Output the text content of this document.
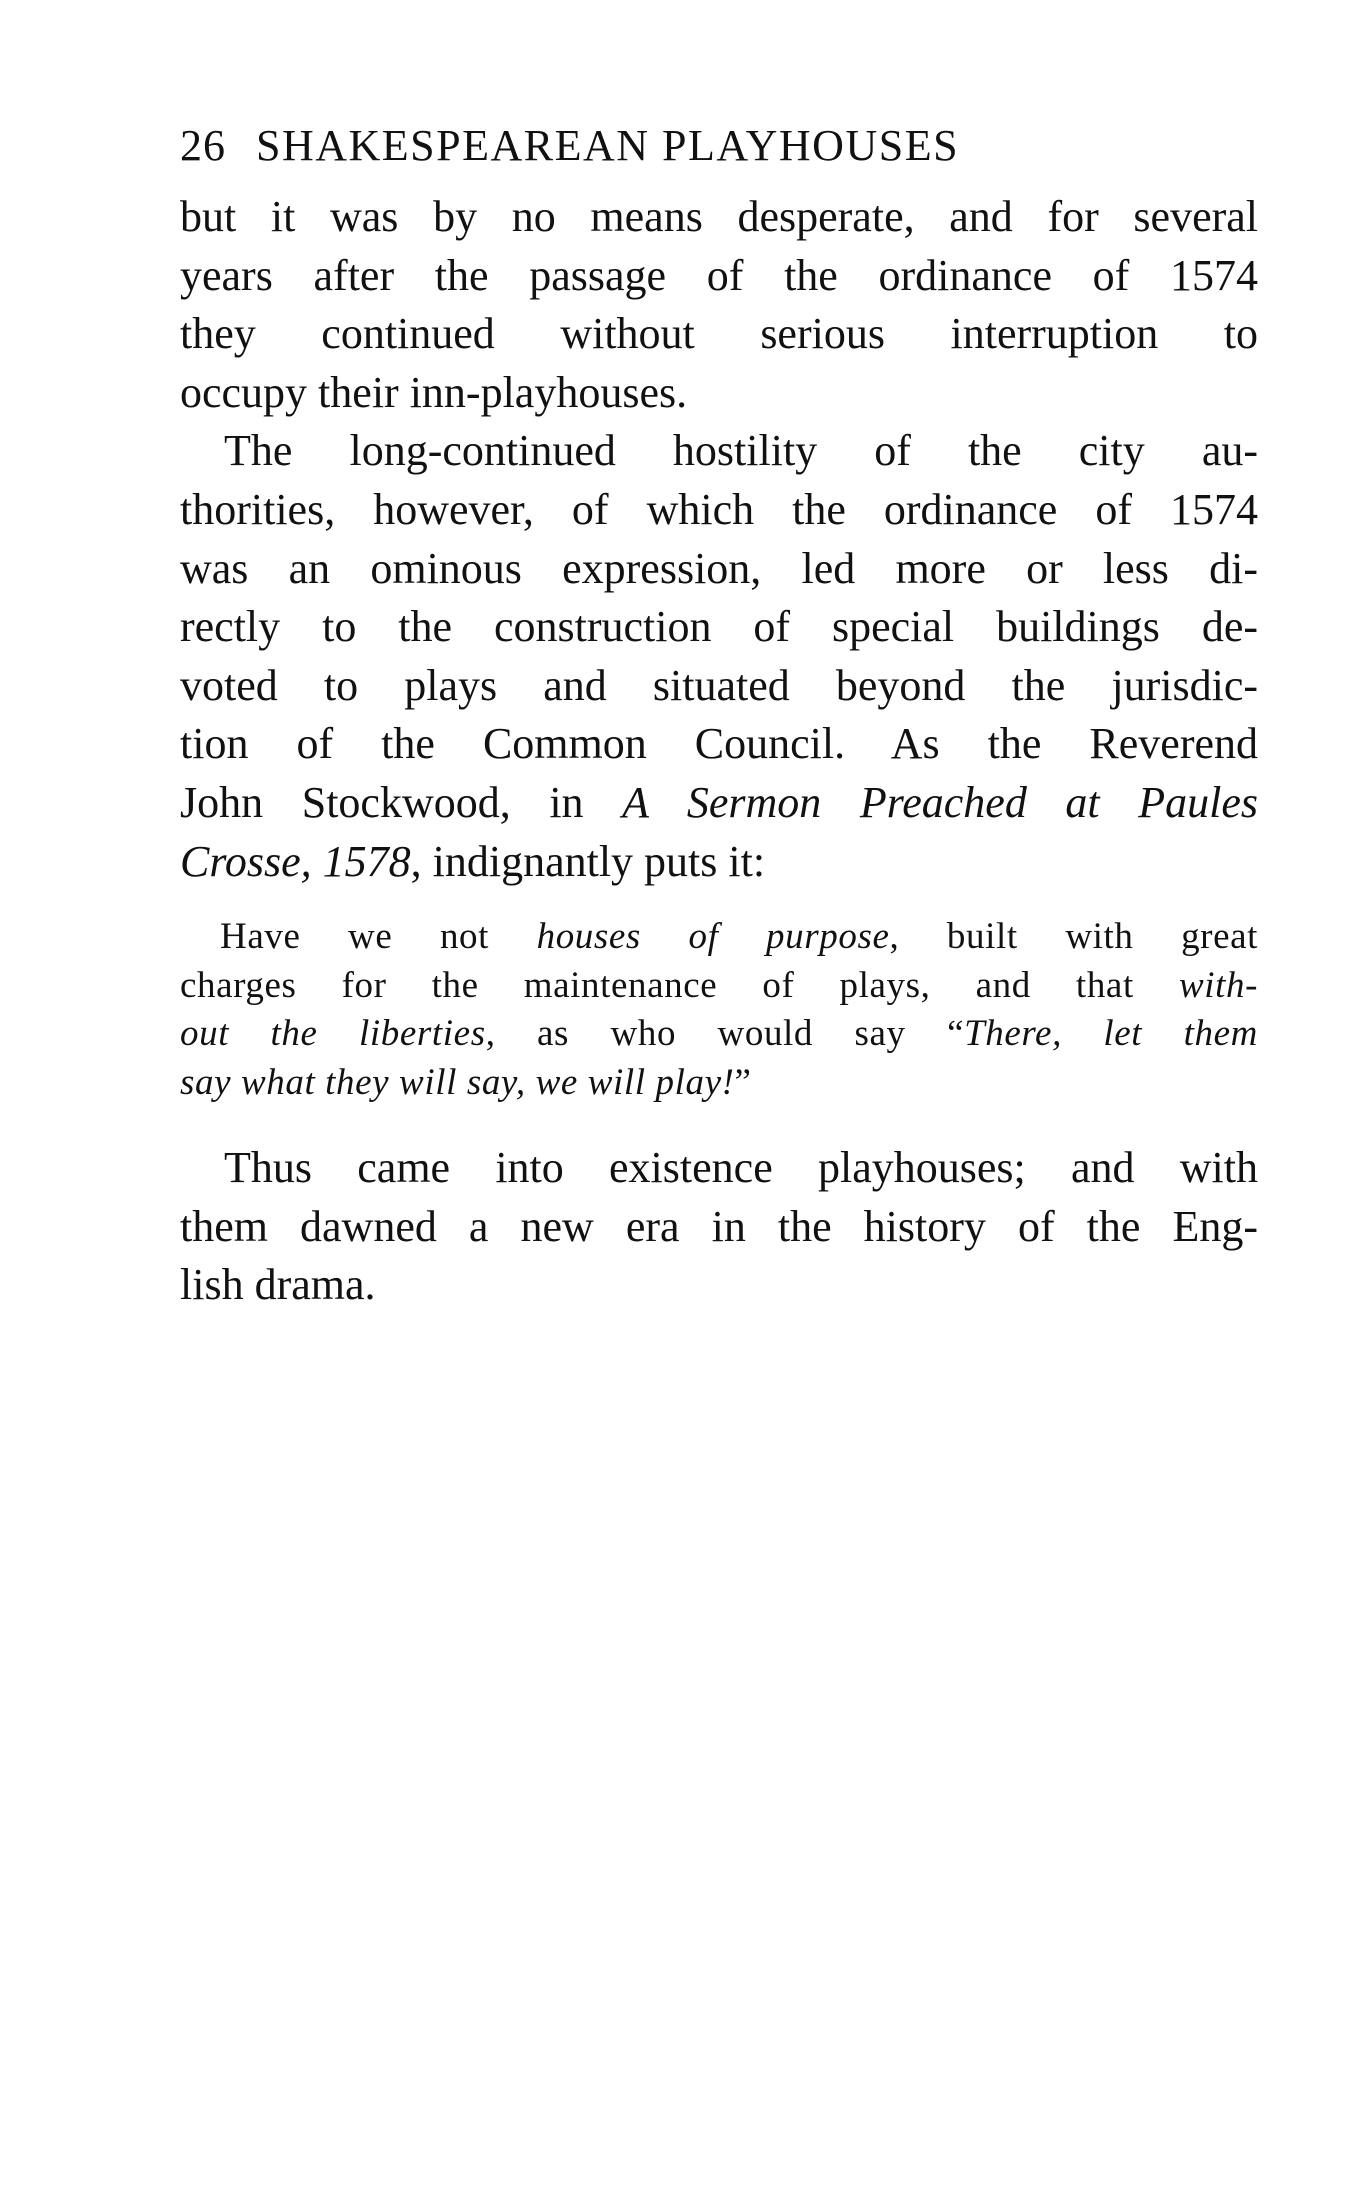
26 SHAKESPEAREAN PLAYHOUSES
but it was by no means desperate, and for several
years after the passage of the ordinance of 1574
they continued without serious interruption to
occupy their inn-playhouses.
The long-continued hostility of the city au-
thorities, however, of which the ordinance of 1574
was an ominous expression, led more or less di-
rectly to the construction of special buildings de-
voted to plays and situated beyond the jurisdic-
tion of the Common Council. As the Reverend
John Stockwood, in A Sermon Preached at Paules
Crosse, 1578, indignantly puts it:
Have we not houses of purpose, built with great
charges for the maintenance of plays, and that with-
out the liberties, as who would say “There, let them
say what they will say, we will play!”
Thus came into existence playhouses; and with
them dawned a new era in the history of the Eng-
lish drama.
